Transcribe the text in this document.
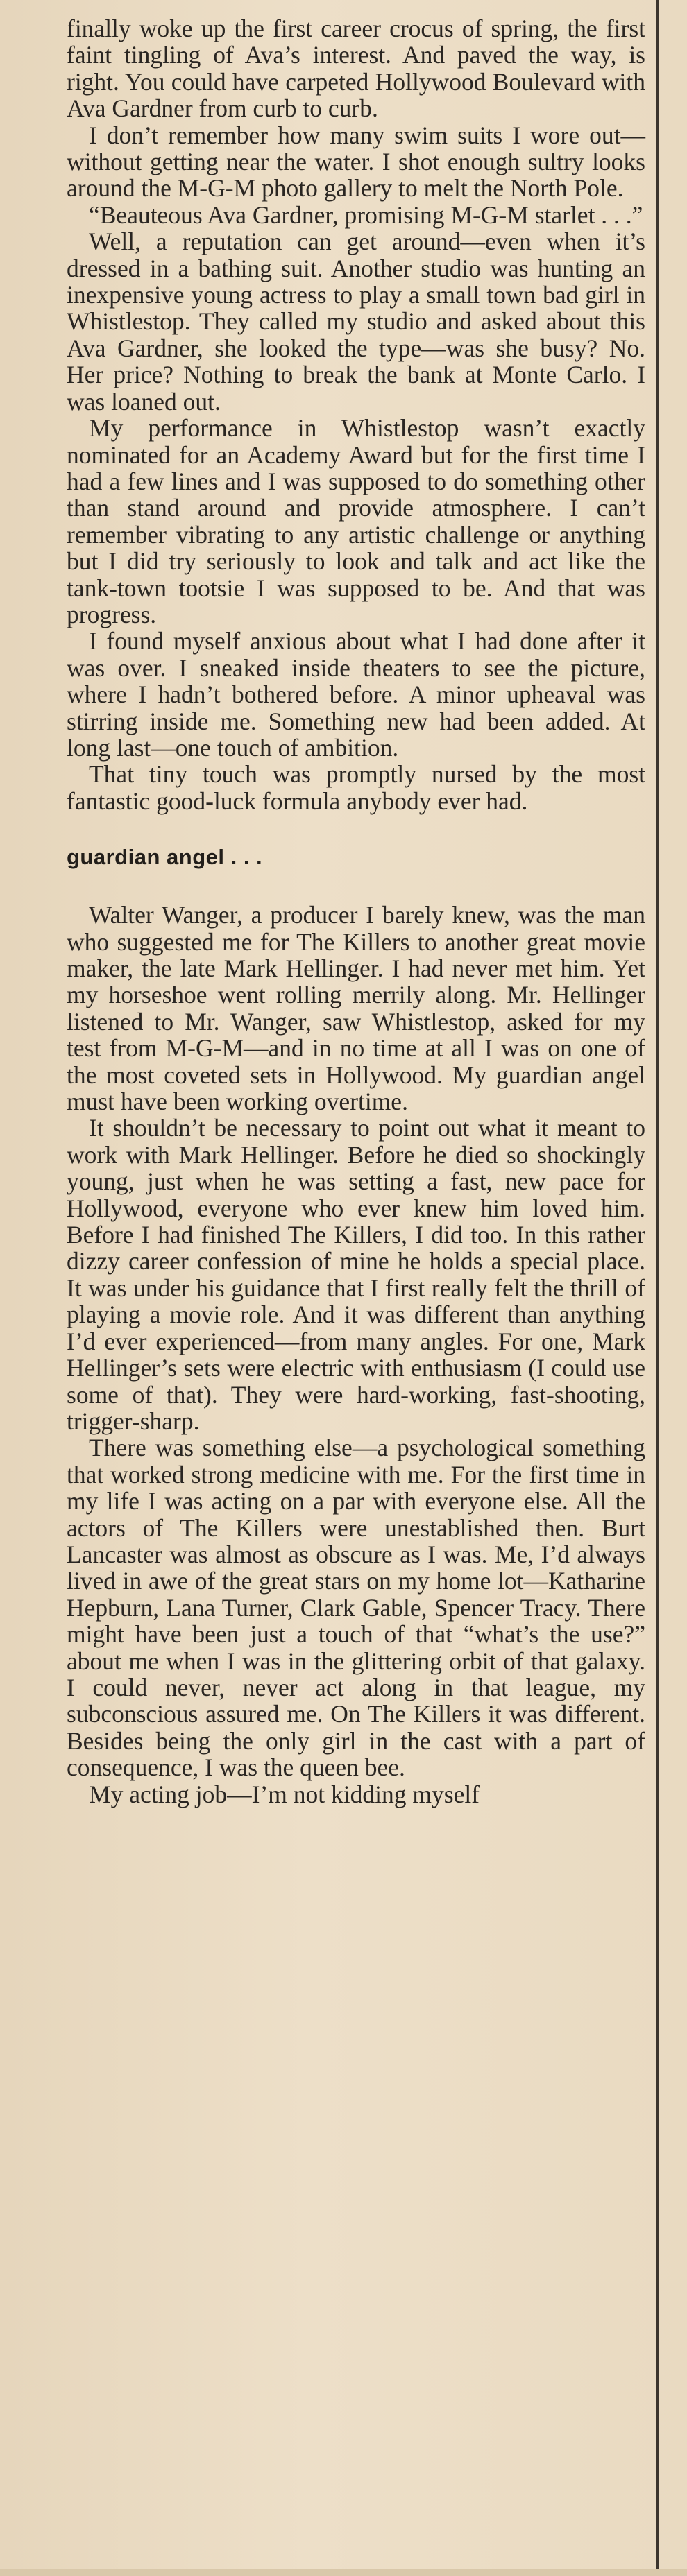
finally woke up the first career crocus of spring, the first faint tingling of Ava’s interest. And paved the way, is right. You could have carpeted Hollywood Boulevard with Ava Gardner from curb to curb.

I don’t remember how many swim suits I wore out—without getting near the water. I shot enough sultry looks around the M-G-M photo gallery to melt the North Pole.

“Beauteous Ava Gardner, promising M-G-M starlet . . .”

Well, a reputation can get around—even when it’s dressed in a bathing suit. Another studio was hunting an inexpensive young actress to play a small town bad girl in Whistlestop. They called my studio and asked about this Ava Gardner, she looked the type—was she busy? No. Her price? Nothing to break the bank at Monte Carlo. I was loaned out.

My performance in Whistlestop wasn’t exactly nominated for an Academy Award but for the first time I had a few lines and I was supposed to do something other than stand around and provide atmosphere. I can’t remember vibrating to any artistic challenge or anything but I did try seriously to look and talk and act like the tank-town tootsie I was supposed to be. And that was progress.

I found myself anxious about what I had done after it was over. I sneaked inside theaters to see the picture, where I hadn’t bothered before. A minor upheaval was stirring inside me. Something new had been added. At long last—one touch of ambition.

That tiny touch was promptly nursed by the most fantastic good-luck formula anybody ever had.

guardian angel . . .

Walter Wanger, a producer I barely knew, was the man who suggested me for The Killers to another great movie maker, the late Mark Hellinger. I had never met him. Yet my horseshoe went rolling merrily along. Mr. Hellinger listened to Mr. Wanger, saw Whistlestop, asked for my test from M-G-M—and in no time at all I was on one of the most coveted sets in Hollywood. My guardian angel must have been working overtime.

It shouldn’t be necessary to point out what it meant to work with Mark Hellinger. Before he died so shockingly young, just when he was setting a fast, new pace for Hollywood, everyone who ever knew him loved him. Before I had finished The Killers, I did too. In this rather dizzy career confession of mine he holds a special place. It was under his guidance that I first really felt the thrill of playing a movie role. And it was different than anything I’d ever experienced—from many angles. For one, Mark Hellinger’s sets were electric with enthusiasm (I could use some of that). They were hard-working, fast-shooting, trigger-sharp.

There was something else—a psychological something that worked strong medicine with me. For the first time in my life I was acting on a par with everyone else. All the actors of The Killers were unestablished then. Burt Lancaster was almost as obscure as I was. Me, I’d always lived in awe of the great stars on my home lot—Katharine Hepburn, Lana Turner, Clark Gable, Spencer Tracy. There might have been just a touch of that “what’s the use?” about me when I was in the glittering orbit of that galaxy. I could never, never act along in that league, my subconscious assured me. On The Killers it was different. Besides being the only girl in the cast with a part of consequence, I was the queen bee.

My acting job—I’m not kidding myself
